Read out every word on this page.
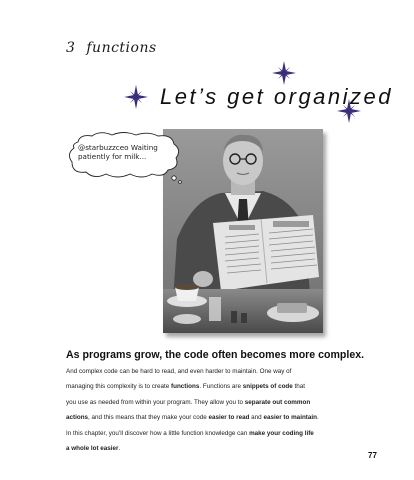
3 functions
Let’s get organized
@starbuzzceo Waiting patiently for milk...
As programs grow, the code often becomes more complex.

And complex code can be hard to read, and even harder to maintain. One way of

managing this complexity is to create functions. Functions are snippets of code that

you use as needed from within your program. They allow you to separate out common

actions, and this means that they make your code easier to read and easier to maintain.

In this chapter, you’ll discover how a little function knowledge can make your coding life

a whole lot easier.

77
